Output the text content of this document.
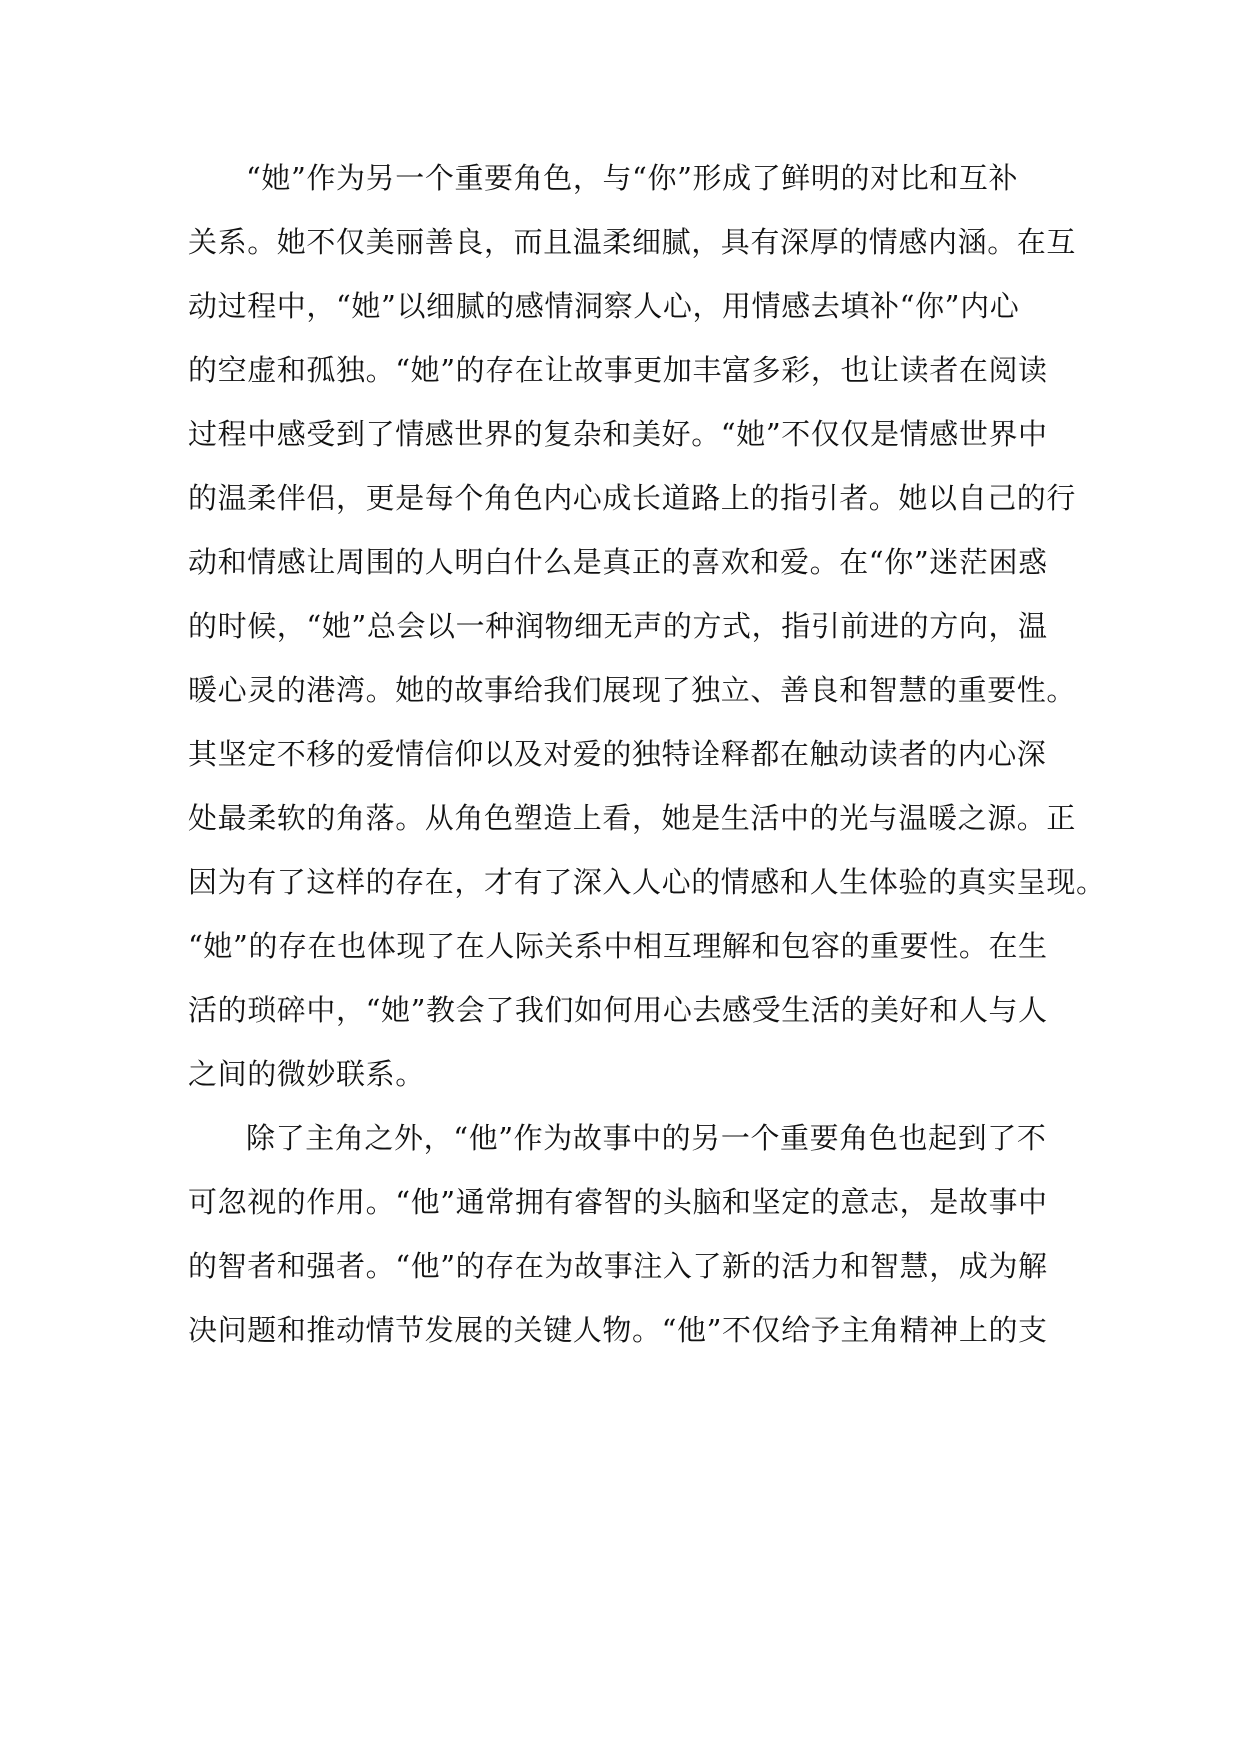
“她”作为另一个重要角色，与“你”形成了鲜明的对比和互补
关系。她不仅美丽善良，而且温柔细腻，具有深厚的情感内涵。在互
动过程中，“她”以细腻的感情洞察人心，用情感去填补“你”内心
的空虚和孤独。“她”的存在让故事更加丰富多彩，也让读者在阅读
过程中感受到了情感世界的复杂和美好。“她”不仅仅是情感世界中
的温柔伴侣，更是每个角色内心成长道路上的指引者。她以自己的行
动和情感让周围的人明白什么是真正的喜欢和爱。在“你”迷茫困惑
的时候，“她”总会以一种润物细无声的方式，指引前进的方向，温
暖心灵的港湾。她的故事给我们展现了独立、善良和智慧的重要性。
其坚定不移的爱情信仰以及对爱的独特诠释都在触动读者的内心深
处最柔软的角落。从角色塑造上看，她是生活中的光与温暖之源。正
因为有了这样的存在，才有了深入人心的情感和人生体验的真实呈现。
“她”的存在也体现了在人际关系中相互理解和包容的重要性。在生
活的琐碎中，“她”教会了我们如何用心去感受生活的美好和人与人
之间的微妙联系。
除了主角之外，“他”作为故事中的另一个重要角色也起到了不
可忽视的作用。“他”通常拥有睿智的头脑和坚定的意志，是故事中
的智者和强者。“他”的存在为故事注入了新的活力和智慧，成为解
决问题和推动情节发展的关键人物。“他”不仅给予主角精神上的支
